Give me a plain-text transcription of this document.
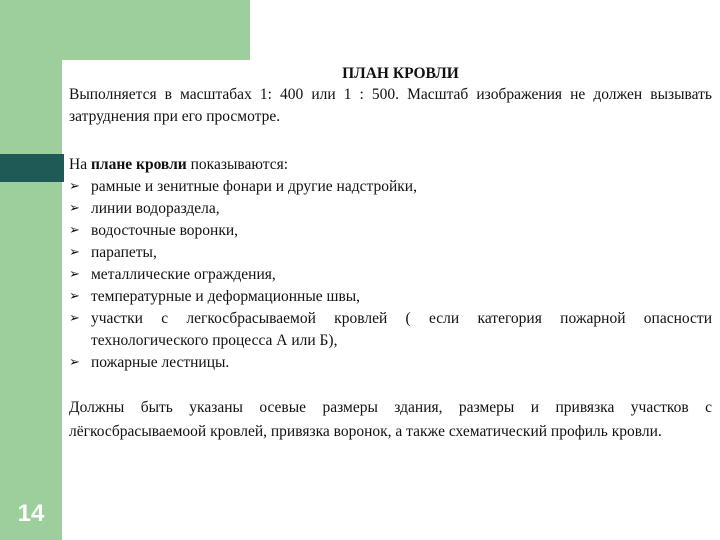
14

ПЛАН КРОВЛИ

Выполняется в масштабах 1: 400 или 1 : 500. Масштаб изображения не должен вызывать затруднения при его просмотре.

На плане кровли показываются:

➢ рамные и зенитные фонари и другие надстройки,
➢ линии водораздела,
➢ водосточные воронки,
➢ парапеты,
➢ металлические ограждения,
➢ температурные и деформационные швы,
➢ участки с легкосбрасываемой кровлей ( если категория пожарной опасности технологического процесса А или Б),
➢ пожарные лестницы.

Должны быть указаны осевые размеры здания, размеры и привязка участков с лёгкосбрасываемоой кровлей, привязка воронок, а также схематический профиль кровли.
